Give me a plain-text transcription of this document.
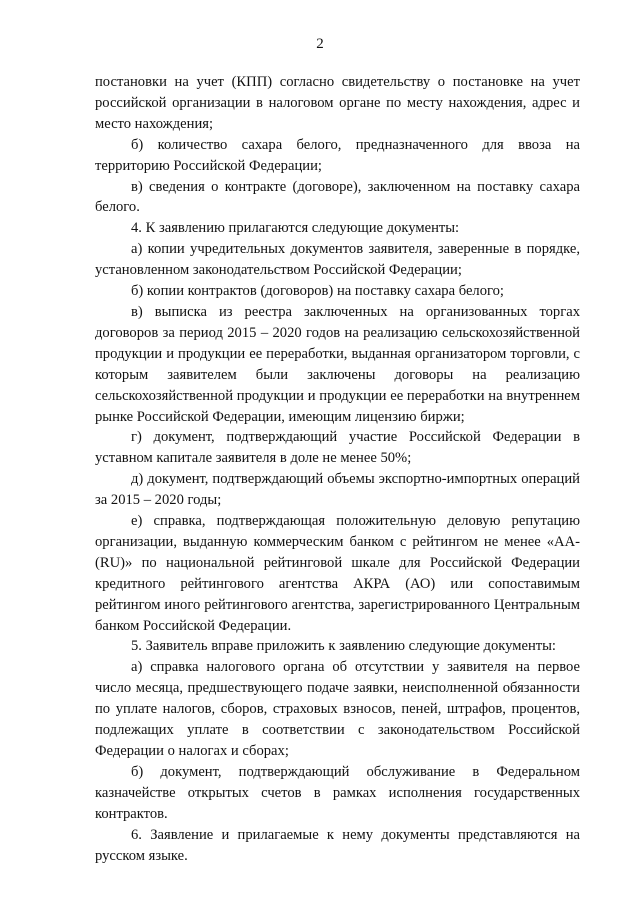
2

постановки на учет (КПП) согласно свидетельству о постановке на учет российской организации в налоговом органе по месту нахождения, адрес и место нахождения;

б) количество сахара белого, предназначенного для ввоза на территорию Российской Федерации;

в) сведения о контракте (договоре), заключенном на поставку сахара белого.

4. К заявлению прилагаются следующие документы:

а) копии учредительных документов заявителя, заверенные в порядке, установленном законодательством Российской Федерации;

б) копии контрактов (договоров) на поставку сахара белого;

в) выписка из реестра заключенных на организованных торгах договоров за период 2015 – 2020 годов на реализацию сельскохозяйственной продукции и продукции ее переработки, выданная организатором торговли, с которым заявителем были заключены договоры на реализацию сельскохозяйственной продукции и продукции ее переработки на внутреннем рынке Российской Федерации, имеющим лицензию биржи;

г) документ, подтверждающий участие Российской Федерации в уставном капитале заявителя в доле не менее 50%;

д) документ, подтверждающий объемы экспортно-импортных операций за 2015 – 2020 годы;

е) справка, подтверждающая положительную деловую репутацию организации, выданную коммерческим банком с рейтингом не менее «АА-(RU)» по национальной рейтинговой шкале для Российской Федерации кредитного рейтингового агентства АКРА (АО) или сопоставимым рейтингом иного рейтингового агентства, зарегистрированного Центральным банком Российской Федерации.

5. Заявитель вправе приложить к заявлению следующие документы:

а) справка налогового органа об отсутствии у заявителя на первое число месяца, предшествующего подаче заявки, неисполненной обязанности по уплате налогов, сборов, страховых взносов, пеней, штрафов, процентов, подлежащих уплате в соответствии с законодательством Российской Федерации о налогах и сборах;

б) документ, подтверждающий обслуживание в Федеральном казначействе открытых счетов в рамках исполнения государственных контрактов.

6. Заявление и прилагаемые к нему документы представляются на русском языке.
